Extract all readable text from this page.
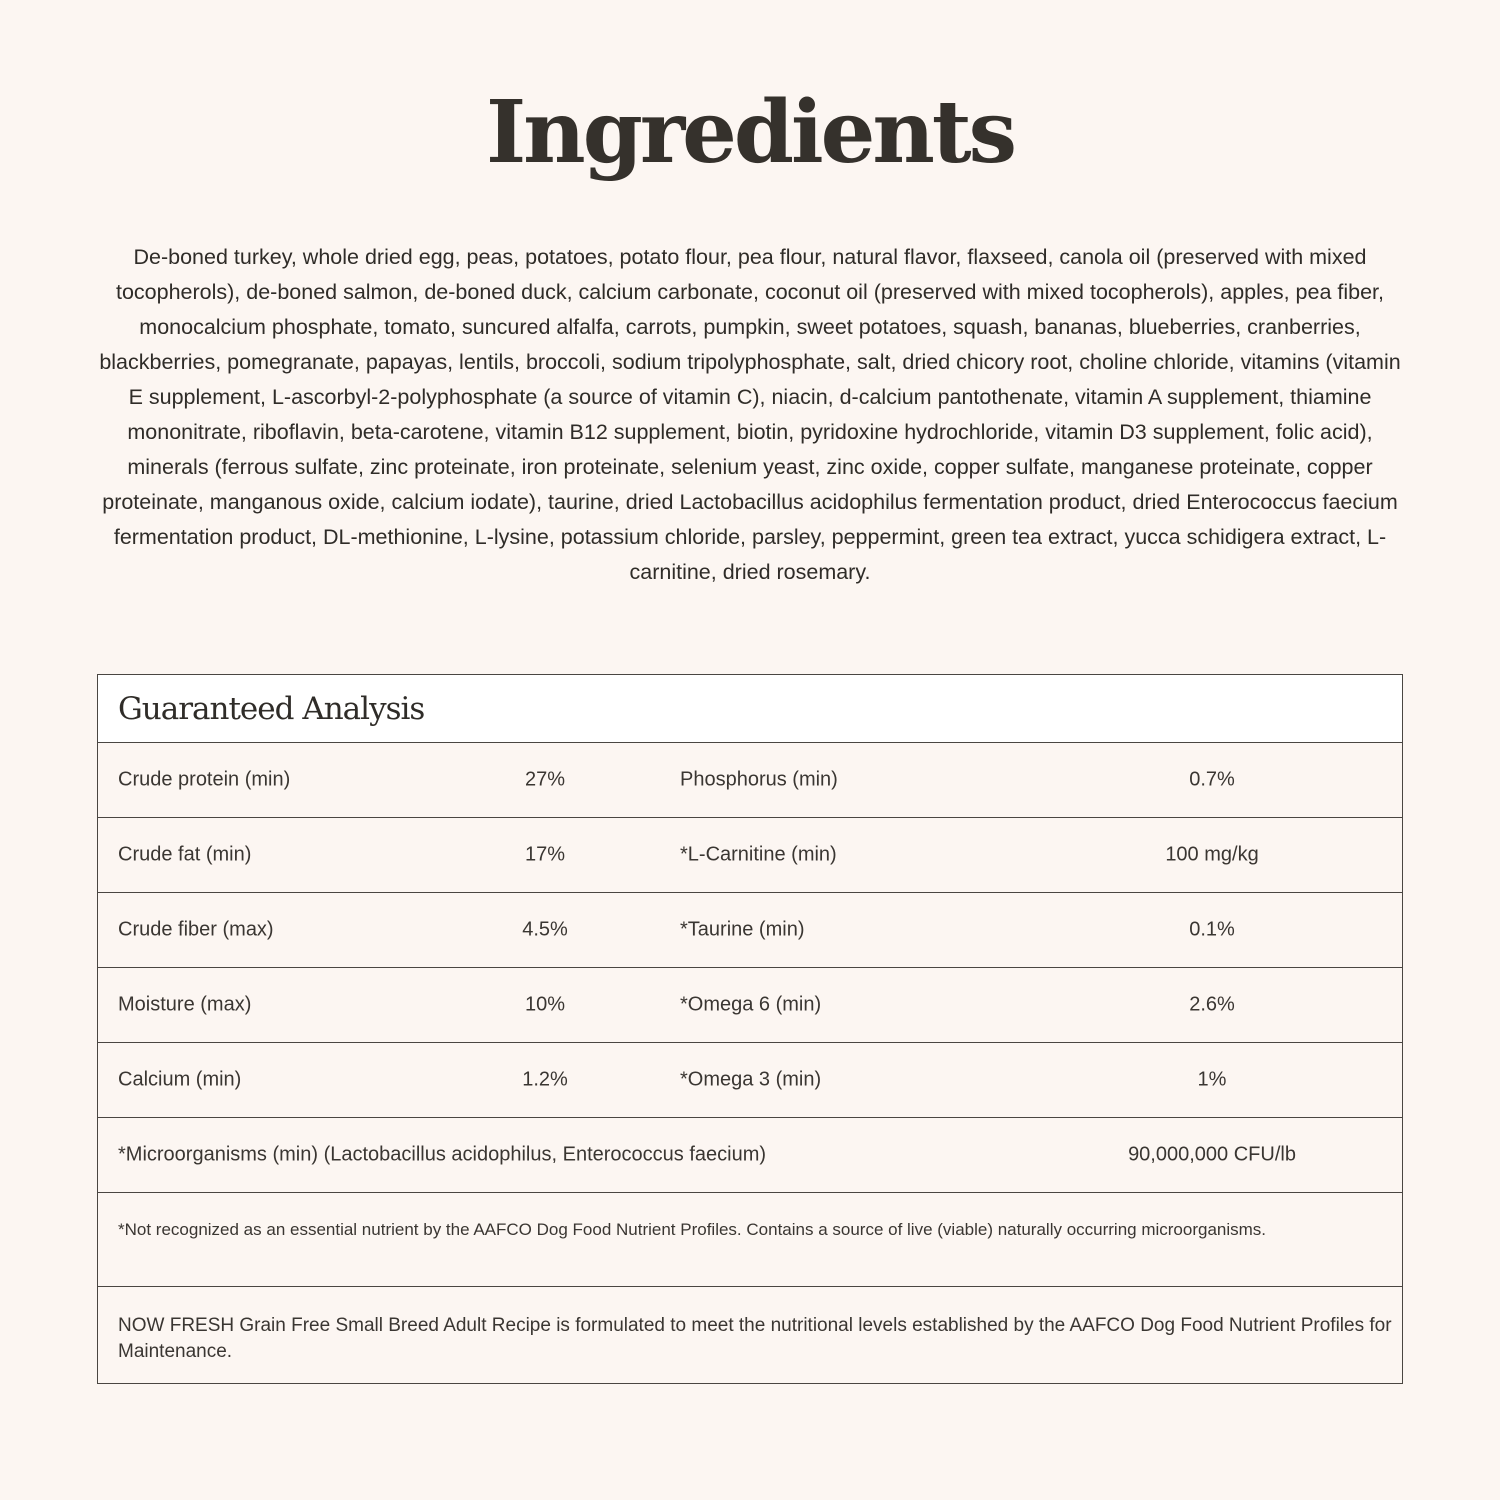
Ingredients

De-boned turkey, whole dried egg, peas, potatoes, potato flour, pea flour, natural flavor, flaxseed, canola oil (preserved with mixed tocopherols), de-boned salmon, de-boned duck, calcium carbonate, coconut oil (preserved with mixed tocopherols), apples, pea fiber, monocalcium phosphate, tomato, suncured alfalfa, carrots, pumpkin, sweet potatoes, squash, bananas, blueberries, cranberries, blackberries, pomegranate, papayas, lentils, broccoli, sodium tripolyphosphate, salt, dried chicory root, choline chloride, vitamins (vitamin E supplement, L-ascorbyl-2-polyphosphate (a source of vitamin C), niacin, d-calcium pantothenate, vitamin A supplement, thiamine mononitrate, riboflavin, beta-carotene, vitamin B12 supplement, biotin, pyridoxine hydrochloride, vitamin D3 supplement, folic acid), minerals (ferrous sulfate, zinc proteinate, iron proteinate, selenium yeast, zinc oxide, copper sulfate, manganese proteinate, copper proteinate, manganous oxide, calcium iodate), taurine, dried Lactobacillus acidophilus fermentation product, dried Enterococcus faecium fermentation product, DL-methionine, L-lysine, potassium chloride, parsley, peppermint, green tea extract, yucca schidigera extract, L-carnitine, dried rosemary.

Guaranteed Analysis
Crude protein (min)	27%	Phosphorus (min)	0.7%
Crude fat (min)	17%	*L-Carnitine (min)	100 mg/kg
Crude fiber (max)	4.5%	*Taurine (min)	0.1%
Moisture (max)	10%	*Omega 6 (min)	2.6%
Calcium (min)	1.2%	*Omega 3 (min)	1%
*Microorganisms (min) (Lactobacillus acidophilus, Enterococcus faecium)	90,000,000 CFU/lb
*Not recognized as an essential nutrient by the AAFCO Dog Food Nutrient Profiles. Contains a source of live (viable) naturally occurring microorganisms.
NOW FRESH Grain Free Small Breed Adult Recipe is formulated to meet the nutritional levels established by the AAFCO Dog Food Nutrient Profiles for Maintenance.
